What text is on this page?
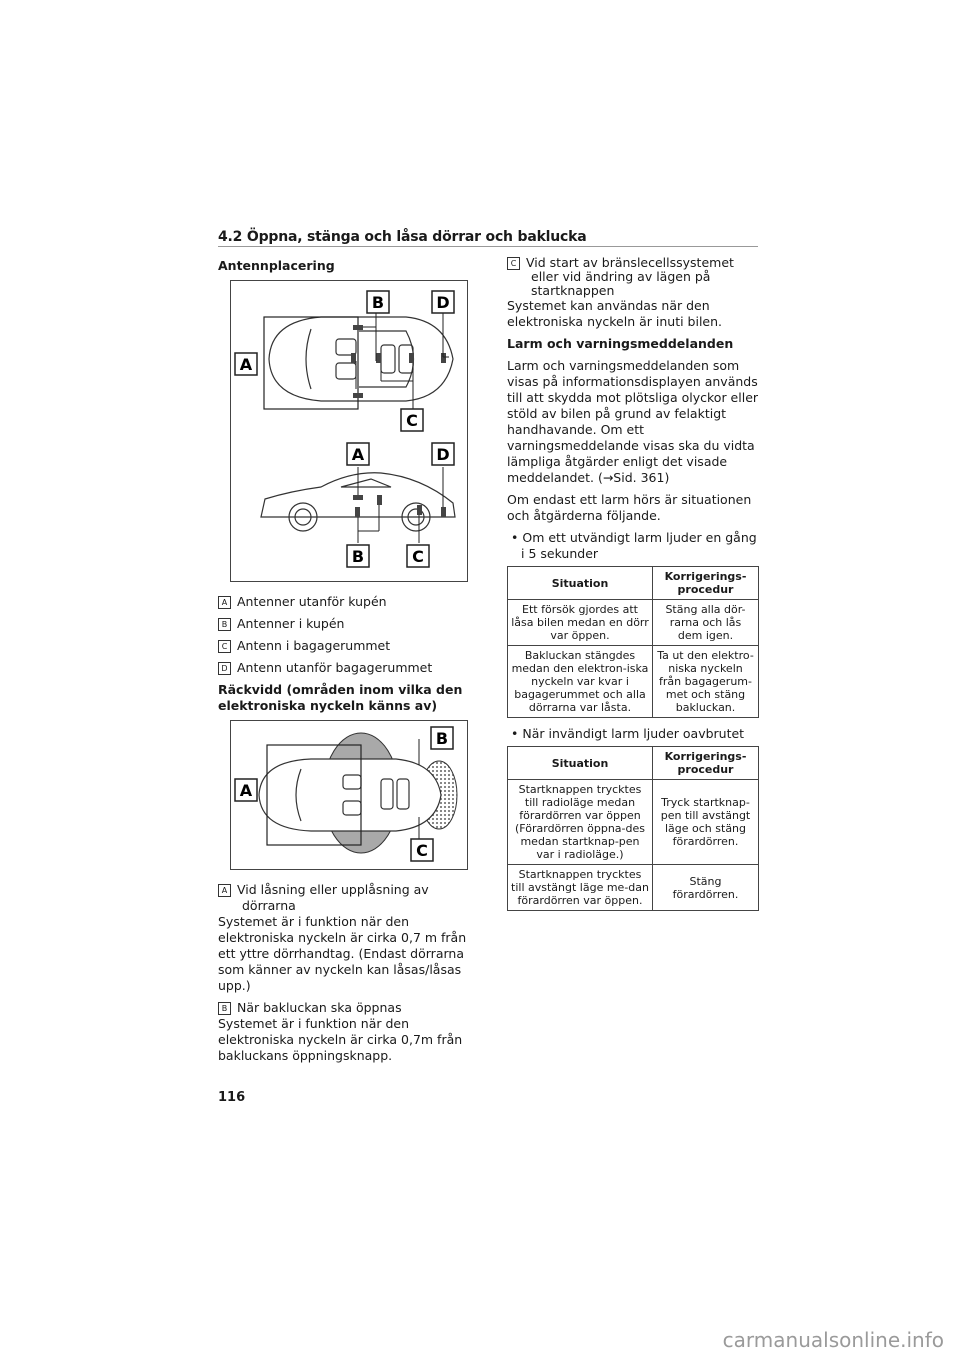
4.2 Öppna, stänga och låsa dörrar och baklucka
Antennplacering
A
B	D
C
A	D
B	C
A Antenner utanför kupén
B Antenner i kupén
C Antenn i bagagerummet
D Antenn utanför bagagerummet
Räckvidd (områden inom vilka den elektroniska nyckeln känns av)
A
B
C
A Vid låsning eller upplåsning av dörrarna
Systemet är i funktion när den elektroniska nyckeln är cirka 0,7 m från ett yttre dörrhandtag. (Endast dörrarna som känner av nyckeln kan låsas/låsas upp.)
B När bakluckan ska öppnas
Systemet är i funktion när den elektroniska nyckeln är cirka 0,7m från bakluckans öppningsknapp.
C Vid start av bränslecellssystemet eller vid ändring av lägen på startknappen
Systemet kan användas när den elektroniska nyckeln är inuti bilen.
Larm och varningsmeddelanden
Larm och varningsmeddelanden som visas på informationsdisplayen används till att skydda mot plötsliga olyckor eller stöld av bilen på grund av felaktigt handhavande. Om ett varningsmeddelande visas ska du vidta lämpliga åtgärder enligt det visade meddelandet. (→Sid. 361)
Om endast ett larm hörs är situationen och åtgärderna följande.
• Om ett utvändigt larm ljuder en gång i 5 sekunder
Situation	Korrigerings-procedur
Ett försök gjordes att låsa bilen medan en dörr var öppen.	Stäng alla dör-rarna och lås dem igen.
Bakluckan stängdes medan den elektron-iska nyckeln var kvar i bagagerummet och alla dörrarna var låsta.	Ta ut den elektro-niska nyckeln från bagagerum-met och stäng bakluckan.
• När invändigt larm ljuder oavbrutet
Situation	Korrigerings-procedur
Startknappen trycktes till radioläge medan förardörren var öppen (Förardörren öppna-des medan startknap-pen var i radioläge.)	Tryck startknap-pen till avstängt läge och stäng förardörren.
Startknappen trycktes till avstängt läge me-dan förardörren var öppen.	Stäng förardörren.
116
carmanualsonline.info
